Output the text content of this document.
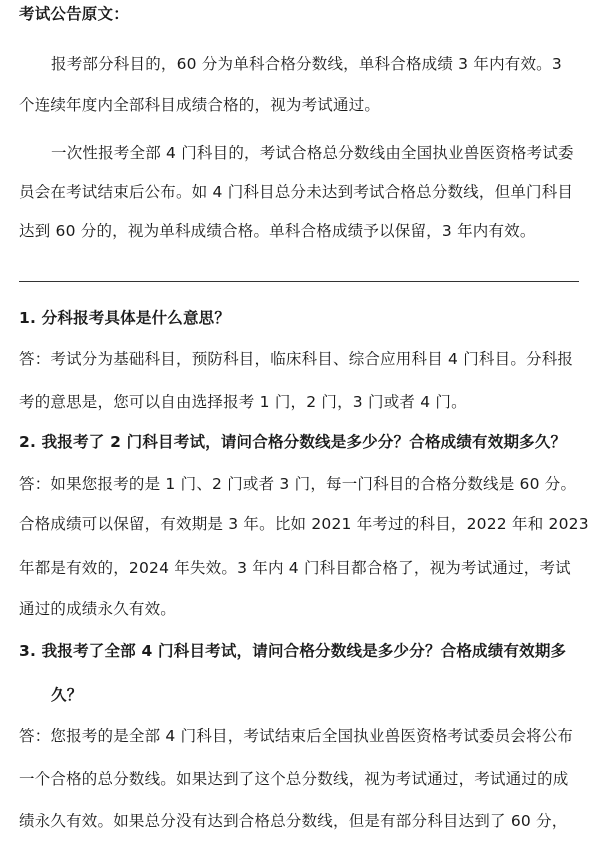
考试公告原文：
报考部分科目的，60 分为单科合格分数线，单科合格成绩 3 年内有效。3
个连续年度内全部科目成绩合格的，视为考试通过。
一次性报考全部 4 门科目的，考试合格总分数线由全国执业兽医资格考试委
员会在考试结束后公布。如 4 门科目总分未达到考试合格总分数线，但单门科目
达到 60 分的，视为单科成绩合格。单科合格成绩予以保留，3 年内有效。
1. 分科报考具体是什么意思？
答：考试分为基础科目，预防科目，临床科目、综合应用科目 4 门科目。分科报
考的意思是，您可以自由选择报考 1 门，2 门，3 门或者 4 门。
2. 我报考了 2 门科目考试，请问合格分数线是多少分？合格成绩有效期多久？
答：如果您报考的是 1 门、2 门或者 3 门，每一门科目的合格分数线是 60 分。
合格成绩可以保留，有效期是 3 年。比如 2021 年考过的科目，2022 年和 2023
年都是有效的，2024 年失效。3 年内 4 门科目都合格了，视为考试通过，考试
通过的成绩永久有效。
3. 我报考了全部 4 门科目考试，请问合格分数线是多少分？合格成绩有效期多
久？
答：您报考的是全部 4 门科目，考试结束后全国执业兽医资格考试委员会将公布
一个合格的总分数线。如果达到了这个总分数线，视为考试通过，考试通过的成
绩永久有效。如果总分没有达到合格总分数线，但是有部分科目达到了 60 分，
